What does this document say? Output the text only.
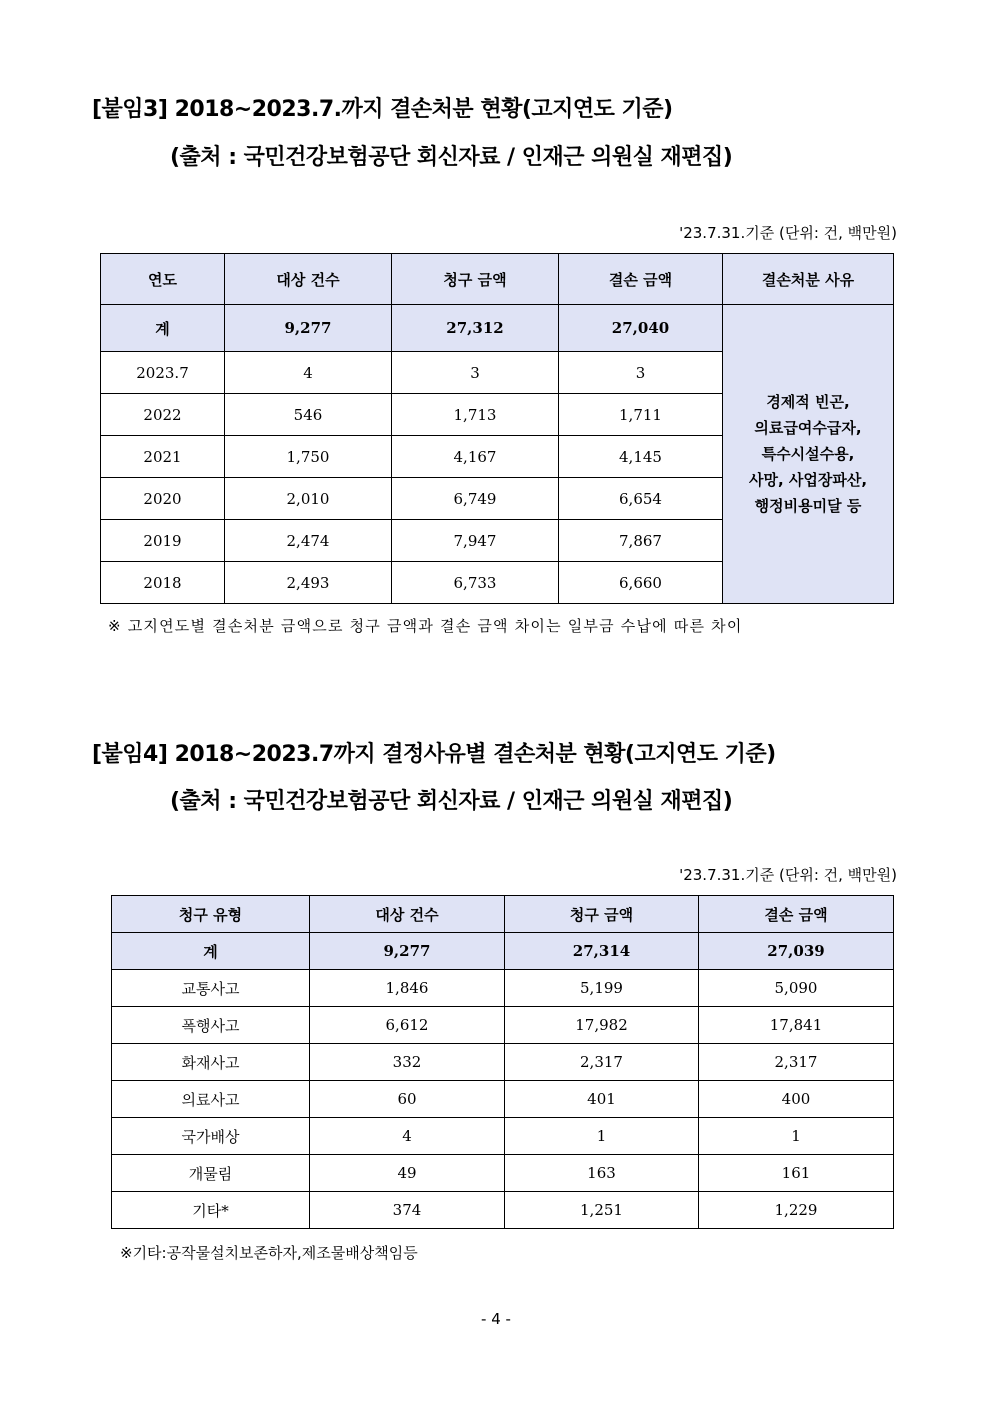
[붙임3] 2018~2023.7.까지 결손처분 현황(고지연도 기준)
(출처 : 국민건강보험공단 회신자료 / 인재근 의원실 재편집)
'23.7.31.기준 (단위: 건, 백만원)
연도	대상 건수	청구 금액	결손 금액	결손처분 사유
계	9,277	27,312	27,040	경제적 빈곤,
의료급여수급자,
특수시설수용,
사망, 사업장파산,
행정비용미달 등

2023.7	4	3	3	
2022	546	1,713	1,711	
2021	1,750	4,167	4,145	
2020	2,010	6,749	6,654	
2019	2,474	7,947	7,867	
2018	2,493	6,733	6,660	
※ 고지연도별 결손처분 금액으로 청구 금액과 결손 금액 차이는 일부금 수납에 따른 차이
[붙임4] 2018~2023.7까지 결정사유별 결손처분 현황(고지연도 기준)
(출처 : 국민건강보험공단 회신자료 / 인재근 의원실 재편집)
'23.7.31.기준 (단위: 건, 백만원)
청구 유형	대상 건수	청구 금액	결손 금액
계	9,277	27,314	27,039
교통사고	1,846	5,199	5,090
폭행사고	6,612	17,982	17,841
화재사고	332	2,317	2,317
의료사고	60	401	400
국가배상	4	1	1
개물림	49	163	161
기타*	374	1,251	1,229
※기타:공작물설치보존하자,제조물배상책임등
- 4 -
